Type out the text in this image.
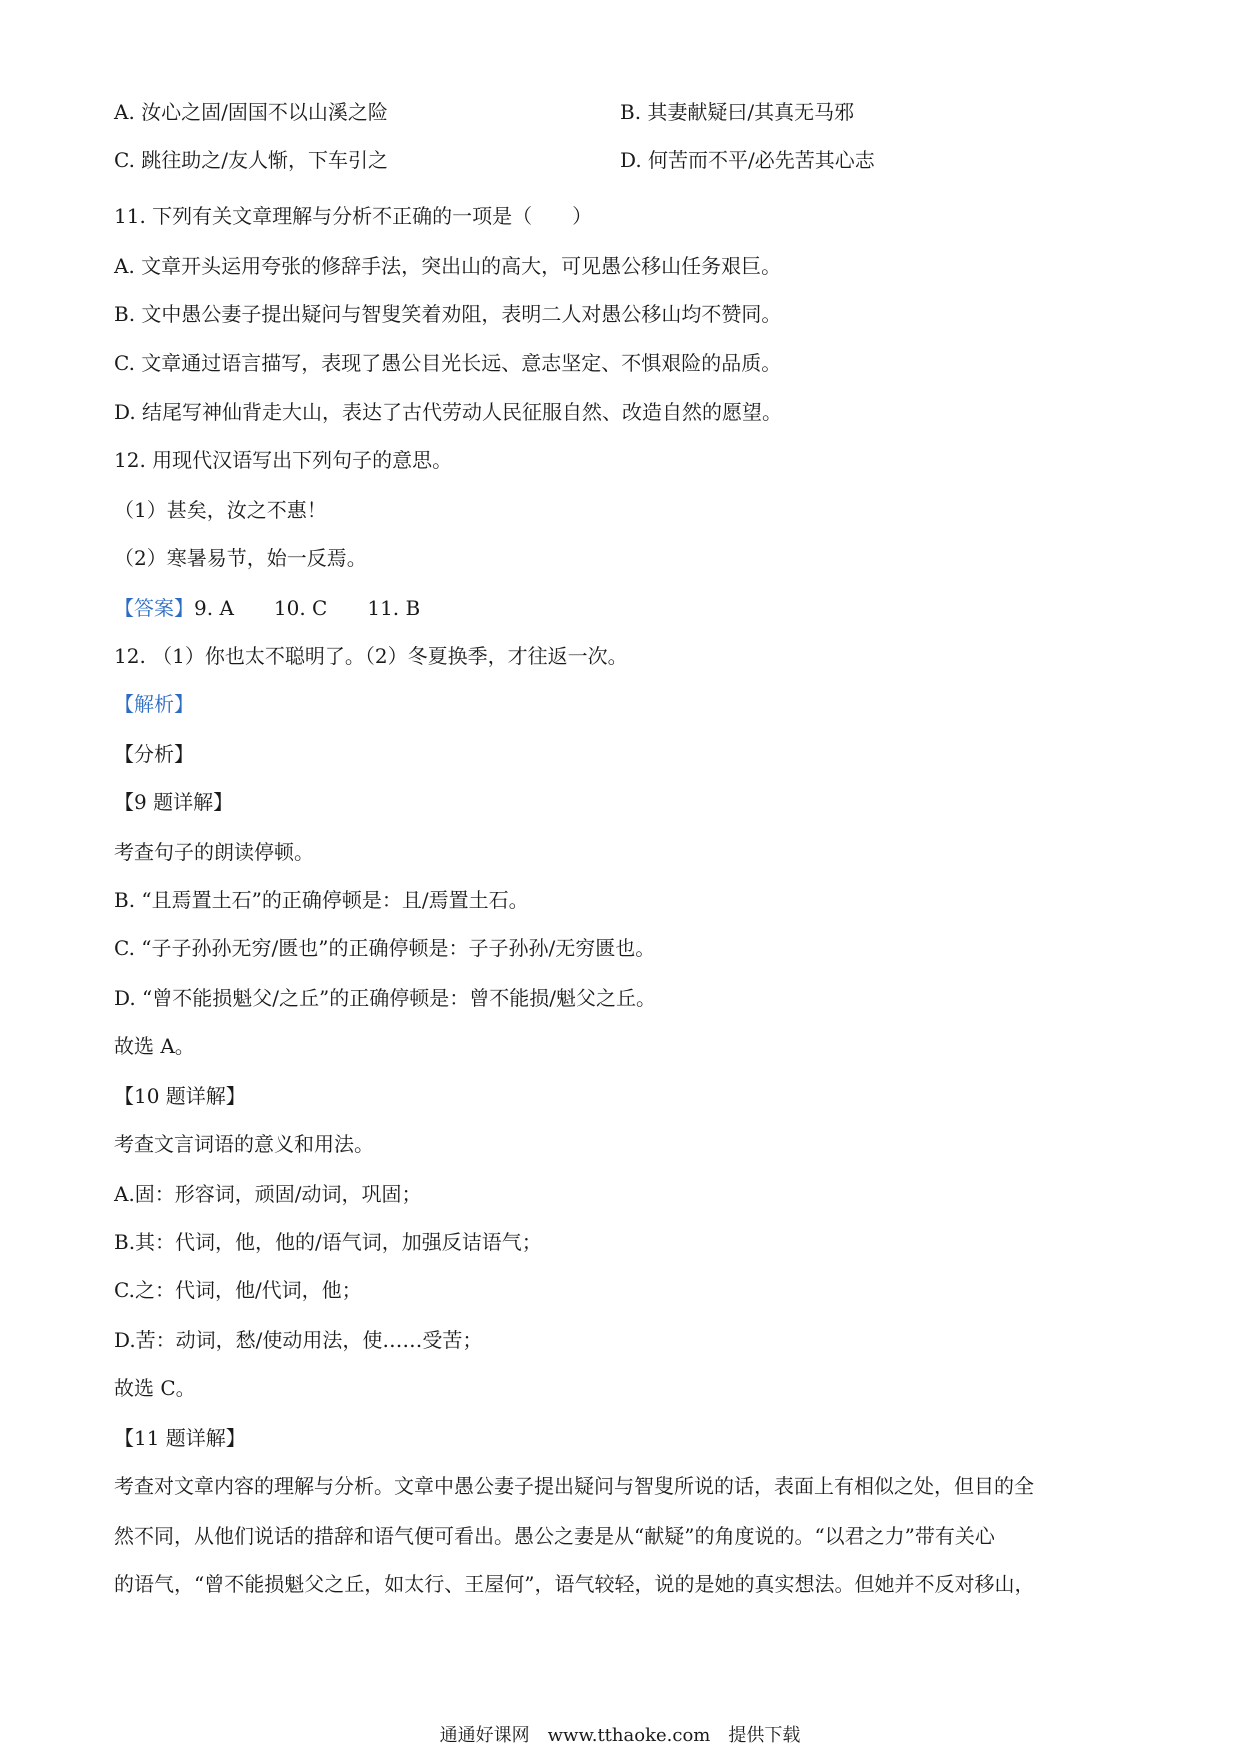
A. 汝心之固/固国不以山溪之险	B. 其妻献疑曰/其真无马邪
C. 跳往助之/友人惭，下车引之	D. 何苦而不平/必先苦其心志
11. 下列有关文章理解与分析不正确的一项是（　　）
A. 文章开头运用夸张的修辞手法，突出山的高大，可见愚公移山任务艰巨。
B. 文中愚公妻子提出疑问与智叟笑着劝阻，表明二人对愚公移山均不赞同。
C. 文章通过语言描写，表现了愚公目光长远、意志坚定、不惧艰险的品质。
D. 结尾写神仙背走大山，表达了古代劳动人民征服自然、改造自然的愿望。
12. 用现代汉语写出下列句子的意思。
（1）甚矣，汝之不惠！
（2）寒暑易节，始一反焉。
【答案】9. A　　10. C　　11. B
12. （1）你也太不聪明了。（2）冬夏换季，才往返一次。
【解析】
【分析】
【9 题详解】
考查句子的朗读停顿。
B. “且焉置土石”的正确停顿是：且/焉置土石。
C. “子子孙孙无穷/匮也”的正确停顿是：子子孙孙/无穷匮也。
D. “曾不能损魁父/之丘”的正确停顿是：曾不能损/魁父之丘。
故选 A。
【10 题详解】
考查文言词语的意义和用法。
A.固：形容词，顽固/动词，巩固；
B.其：代词，他，他的/语气词，加强反诘语气；
C.之：代词，他/代词，他；
D.苦：动词，愁/使动用法，使……受苦；
故选 C。
【11 题详解】
考查对文章内容的理解与分析。文章中愚公妻子提出疑问与智叟所说的话，表面上有相似之处，但目的全
然不同，从他们说话的措辞和语气便可看出。愚公之妻是从“献疑”的角度说的。“以君之力”带有关心
的语气，“曾不能损魁父之丘，如太行、王屋何”，语气较轻，说的是她的真实想法。但她并不反对移山，
通通好课网　www.tthaoke.com　提供下载
